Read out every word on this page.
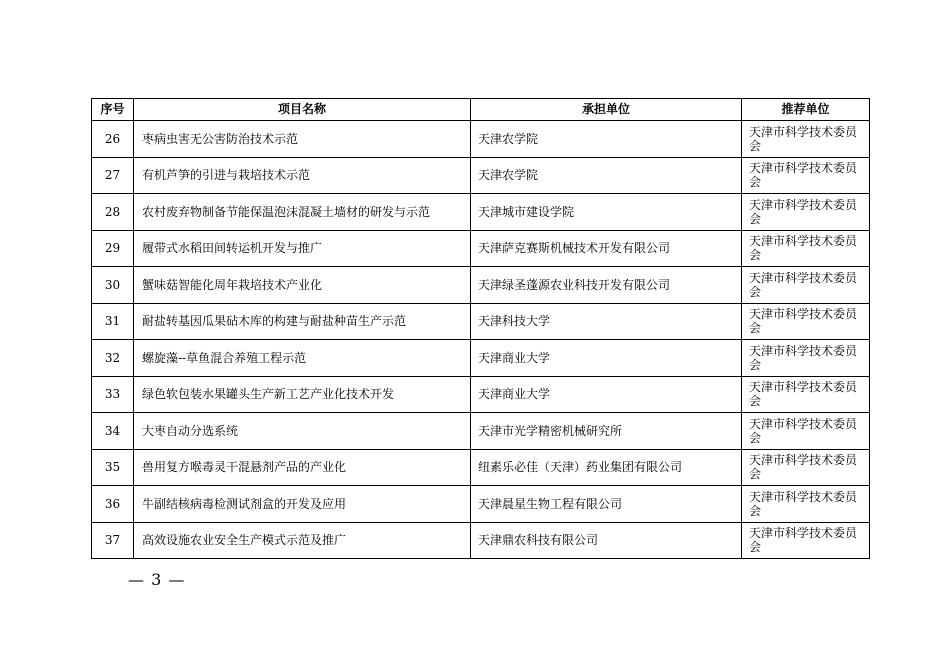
序号	项目名称	承担单位	推荐单位
26	枣病虫害无公害防治技术示范	天津农学院	天津市科学技术委员会
27	有机芦笋的引进与栽培技术示范	天津农学院	天津市科学技术委员会
28	农村废弃物制备节能保温泡沫混凝土墙材的研发与示范	天津城市建设学院	天津市科学技术委员会
29	履带式水稻田间转运机开发与推广	天津萨克赛斯机械技术开发有限公司	天津市科学技术委员会
30	蟹味菇智能化周年栽培技术产业化	天津绿圣蓬源农业科技开发有限公司	天津市科学技术委员会
31	耐盐转基因瓜果砧木库的构建与耐盐种苗生产示范	天津科技大学	天津市科学技术委员会
32	螺旋藻--草鱼混合养殖工程示范	天津商业大学	天津市科学技术委员会
33	绿色软包装水果罐头生产新工艺产业化技术开发	天津商业大学	天津市科学技术委员会
34	大枣自动分选系统	天津市光学精密机械研究所	天津市科学技术委员会
35	兽用复方喉毒灵干混悬剂产品的产业化	纽素乐必佳（天津）药业集团有限公司	天津市科学技术委员会
36	牛副结核病毒检测试剂盒的开发及应用	天津晨星生物工程有限公司	天津市科学技术委员会
37	高效设施农业安全生产模式示范及推广	天津鼎农科技有限公司	天津市科学技术委员会
— 3 —
